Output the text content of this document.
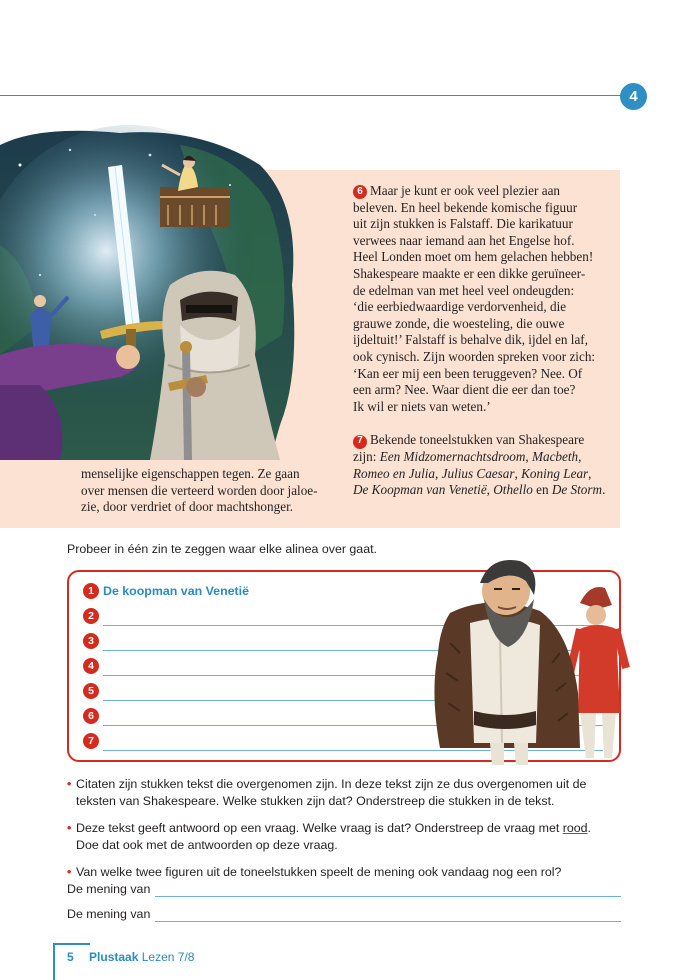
4

6 Maar je kunt er ook veel plezier aan

beleven. En heel bekende komische figuur

uit zijn stukken is Falstaff. Die karikatuur

verwees naar iemand aan het Engelse hof.

Heel Londen moet om hem gelachen hebben!

Shakespeare maakte er een dikke geruïneer-

de edelman van met heel veel ondeugden:

‘die eerbiedwaardige verdorvenheid, die

grauwe zonde, die woesteling, die ouwe

ijdeltuit!’ Falstaff is behalve dik, ijdel en laf,

ook cynisch. Zijn woorden spreken voor zich:

‘Kan eer mij een been teruggeven? Nee. Of

een arm? Nee. Waar dient die eer dan toe?

Ik wil er niets van weten.’

7 Bekende toneelstukken van Shakespeare

zijn: Een Midzomernachtsdroom, Macbeth,

Romeo en Julia, Julius Caesar, Koning Lear,

De Koopman van Venetië, Othello en De Storm.

menselijke eigenschappen tegen. Ze gaan

over mensen die verteerd worden door jaloe-

zie, door verdriet of door machtshonger.

Probeer in één zin te zeggen waar elke alinea over gaat.

1 De koopman van Venetië
2
3
4
5
6
7
• Citaten zijn stukken tekst die overgenomen zijn. In deze tekst zijn ze dus overgenomen uit de

teksten van Shakespeare. Welke stukken zijn dat? Onderstreep die stukken in de tekst.

• Deze tekst geeft antwoord op een vraag. Welke vraag is dat? Onderstreep de vraag met rood.

Doe dat ook met de antwoorden op deze vraag.

• Van welke twee figuren uit de toneelstukken speelt de mening ook vandaag nog een rol?

De mening van
De mening van
5 Plustaak Lezen 7/8
